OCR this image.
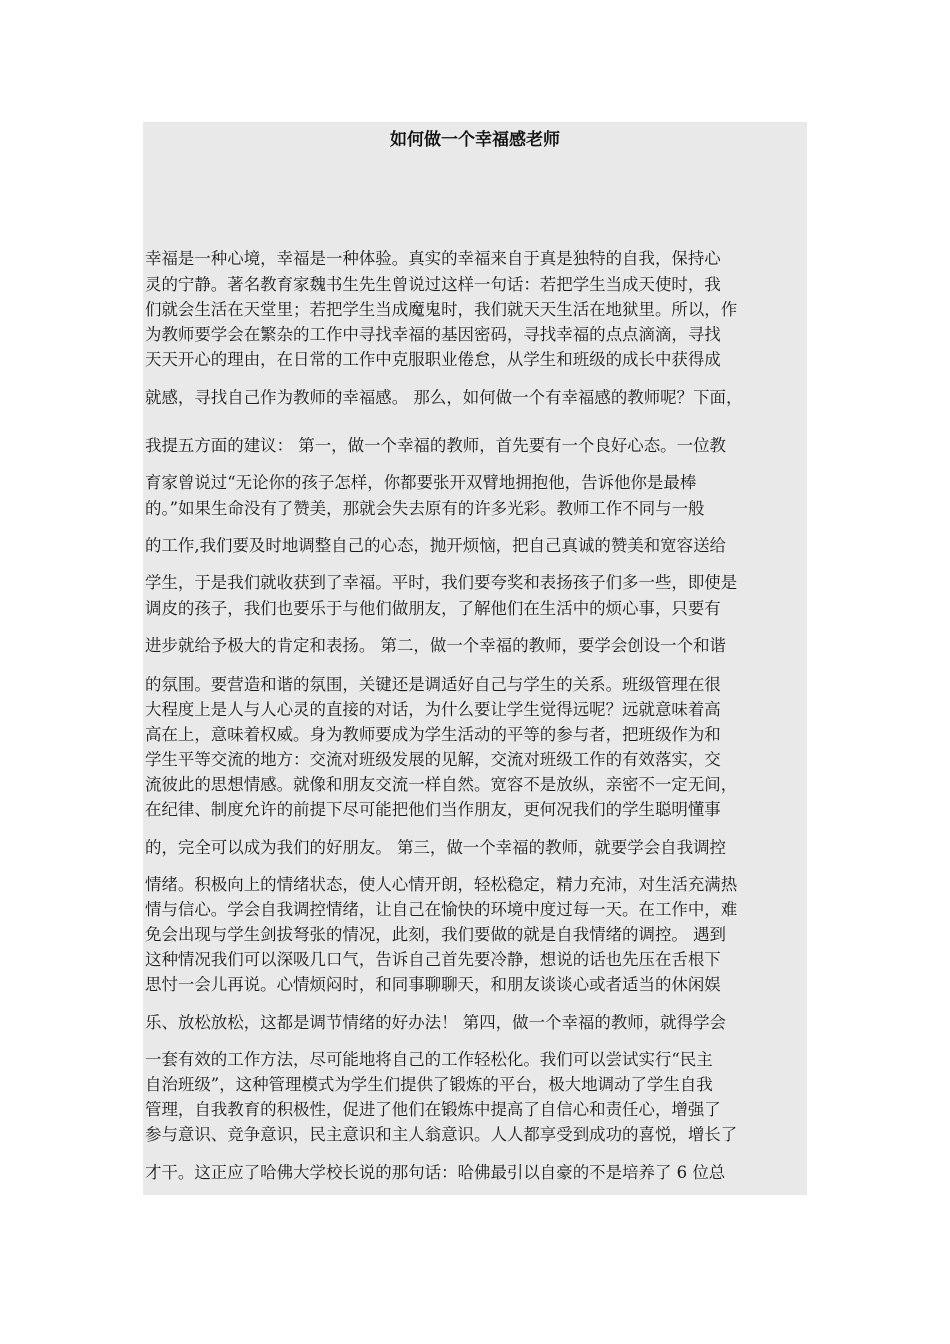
如何做一个幸福感老师
幸福是一种心境，幸福是一种体验。真实的幸福来自于真是独特的自我，保持心
灵的宁静。著名教育家魏书生先生曾说过这样一句话：若把学生当成天使时，我
们就会生活在天堂里；若把学生当成魔鬼时，我们就天天生活在地狱里。所以，作
为教师要学会在繁杂的工作中寻找幸福的基因密码，寻找幸福的点点滴滴，寻找
天天开心的理由，在日常的工作中克服职业倦怠，从学生和班级的成长中获得成
就感，寻找自己作为教师的幸福感。 那么，如何做一个有幸福感的教师呢？下面，
我提五方面的建议： 第一，做一个幸福的教师，首先要有一个良好心态。一位教
育家曾说过“无论你的孩子怎样，你都要张开双臂地拥抱他，告诉他你是最棒
的。”如果生命没有了赞美，那就会失去原有的许多光彩。教师工作不同与一般
的工作,我们要及时地调整自己的心态，抛开烦恼，把自己真诚的赞美和宽容送给
学生，于是我们就收获到了幸福。平时，我们要夸奖和表扬孩子们多一些，即使是
调皮的孩子，我们也要乐于与他们做朋友，了解他们在生活中的烦心事，只要有
进步就给予极大的肯定和表扬。 第二，做一个幸福的教师，要学会创设一个和谐
的氛围。要营造和谐的氛围，关键还是调适好自己与学生的关系。班级管理在很
大程度上是人与人心灵的直接的对话，为什么要让学生觉得远呢？远就意味着高
高在上，意味着权威。身为教师要成为学生活动的平等的参与者，把班级作为和
学生平等交流的地方：交流对班级发展的见解，交流对班级工作的有效落实，交
流彼此的思想情感。就像和朋友交流一样自然。宽容不是放纵，亲密不一定无间，
在纪律、制度允许的前提下尽可能把他们当作朋友，更何况我们的学生聪明懂事
的，完全可以成为我们的好朋友。 第三，做一个幸福的教师，就要学会自我调控
情绪。积极向上的情绪状态，使人心情开朗，轻松稳定，精力充沛，对生活充满热
情与信心。学会自我调控情绪，让自己在愉快的环境中度过每一天。在工作中，难
免会出现与学生剑拔弩张的情况，此刻，我们要做的就是自我情绪的调控。 遇到
这种情况我们可以深吸几口气，告诉自己首先要冷静，想说的话也先压在舌根下
思忖一会儿再说。心情烦闷时，和同事聊聊天，和朋友谈谈心或者适当的休闲娱
乐、放松放松，这都是调节情绪的好办法！ 第四，做一个幸福的教师，就得学会
一套有效的工作方法，尽可能地将自己的工作轻松化。我们可以尝试实行“民主
自治班级”，这种管理模式为学生们提供了锻炼的平台，极大地调动了学生自我
管理，自我教育的积极性，促进了他们在锻炼中提高了自信心和责任心，增强了
参与意识、竞争意识，民主意识和主人翁意识。人人都享受到成功的喜悦，增长了
才干。这正应了哈佛大学校长说的那句话：哈佛最引以自豪的不是培养了 6 位总
